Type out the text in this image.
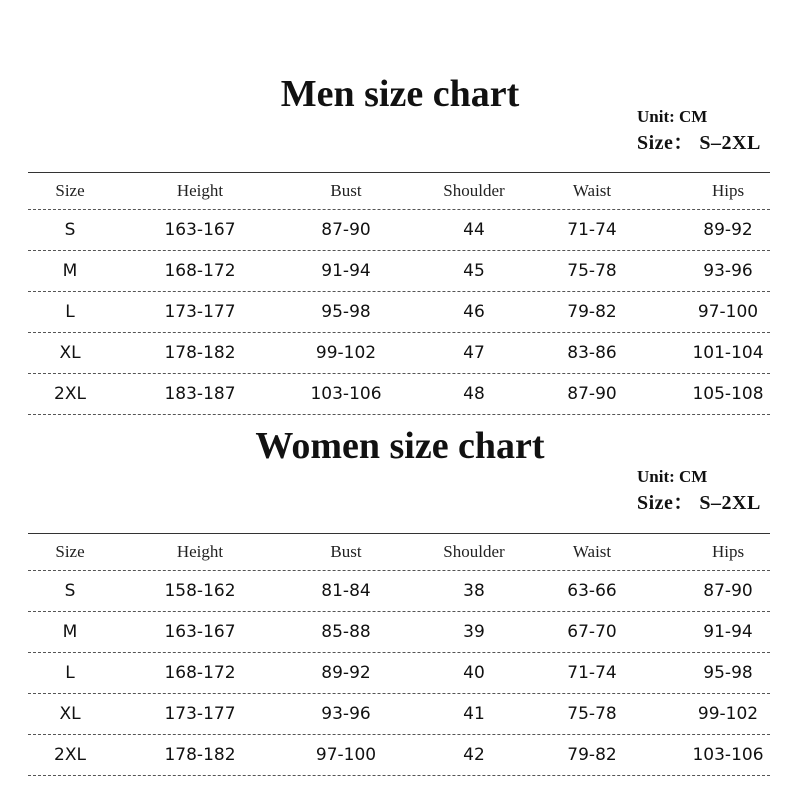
Men size chart
Unit: CM
Size： S–2XL
Size	Height	Bust	Shoulder	Waist	Hips
S	163-167	87-90	44	71-74	89-92
M	168-172	91-94	45	75-78	93-96
L	173-177	95-98	46	79-82	97-100
XL	178-182	99-102	47	83-86	101-104
2XL	183-187	103-106	48	87-90	105-108
Women size chart
Unit: CM
Size： S–2XL
Size	Height	Bust	Shoulder	Waist	Hips
S	158-162	81-84	38	63-66	87-90
M	163-167	85-88	39	67-70	91-94
L	168-172	89-92	40	71-74	95-98
XL	173-177	93-96	41	75-78	99-102
2XL	178-182	97-100	42	79-82	103-106
